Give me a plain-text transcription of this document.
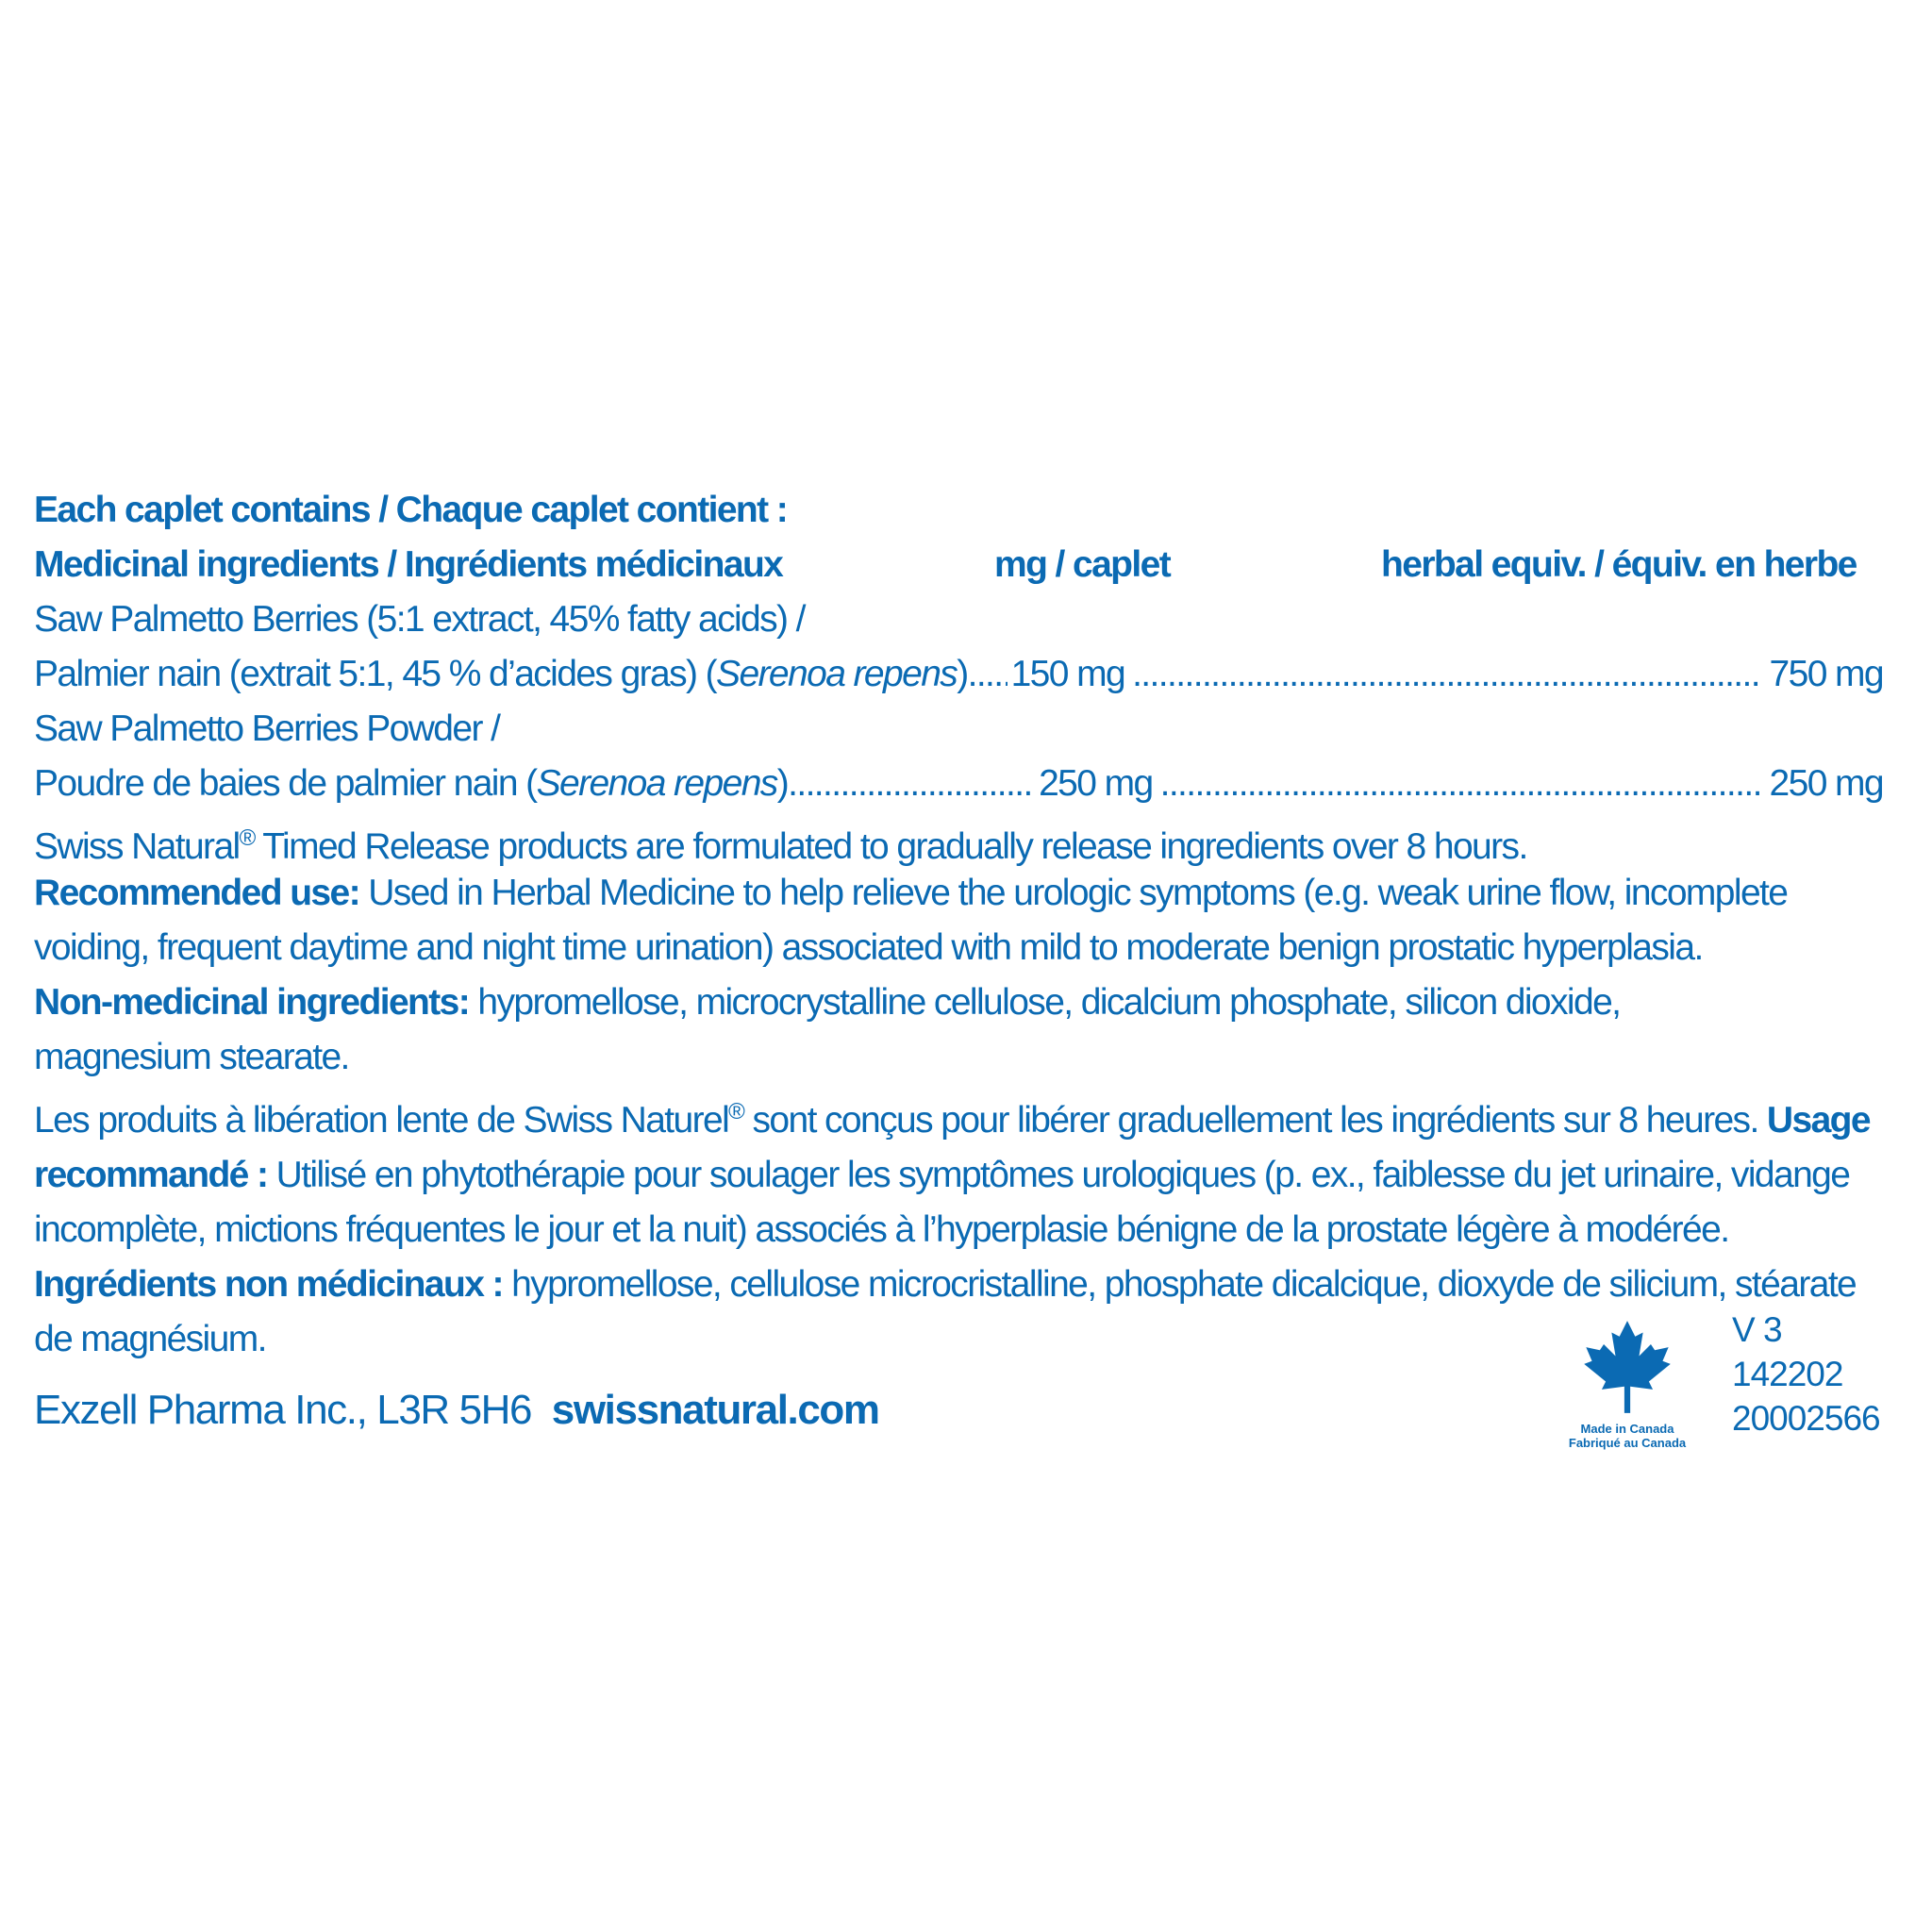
Each caplet contains / Chaque caplet contient :
Medicinal ingredients / Ingrédients médicinaux	mg / caplet	herbal equiv. / équiv. en herbe
Saw Palmetto Berries (5:1 extract, 45% fatty acids) /
Palmier nain (extrait 5:1, 45 % d’acides gras) (Serenoa repens) ..... 150 mg .....	750 mg
Saw Palmetto Berries Powder /
Poudre de baies de palmier nain (Serenoa repens) .....	250 mg .....	250 mg
Swiss Natural® Timed Release products are formulated to gradually release ingredients over 8 hours.
Recommended use: Used in Herbal Medicine to help relieve the urologic symptoms (e.g. weak urine flow, incomplete voiding, frequent daytime and night time urination) associated with mild to moderate benign prostatic hyperplasia.
Non-medicinal ingredients: hypromellose, microcrystalline cellulose, dicalcium phosphate, silicon dioxide, magnesium stearate.
Les produits à libération lente de Swiss Naturel® sont conçus pour libérer graduellement les ingrédients sur 8 heures. Usage recommandé : Utilisé en phytothérapie pour soulager les symptômes urologiques (p. ex., faiblesse du jet urinaire, vidange incomplète, mictions fréquentes le jour et la nuit) associés à l’hyperplasie bénigne de la prostate légère à modérée. Ingrédients non médicinaux : hypromellose, cellulose microcristalline, phosphate dicalcique, dioxyde de silicium, stéarate de magnésium.
Exzell Pharma Inc., L3R 5H6 swissnatural.com	Made in Canada
Fabriqué au Canada
V 3
142202
20002566
